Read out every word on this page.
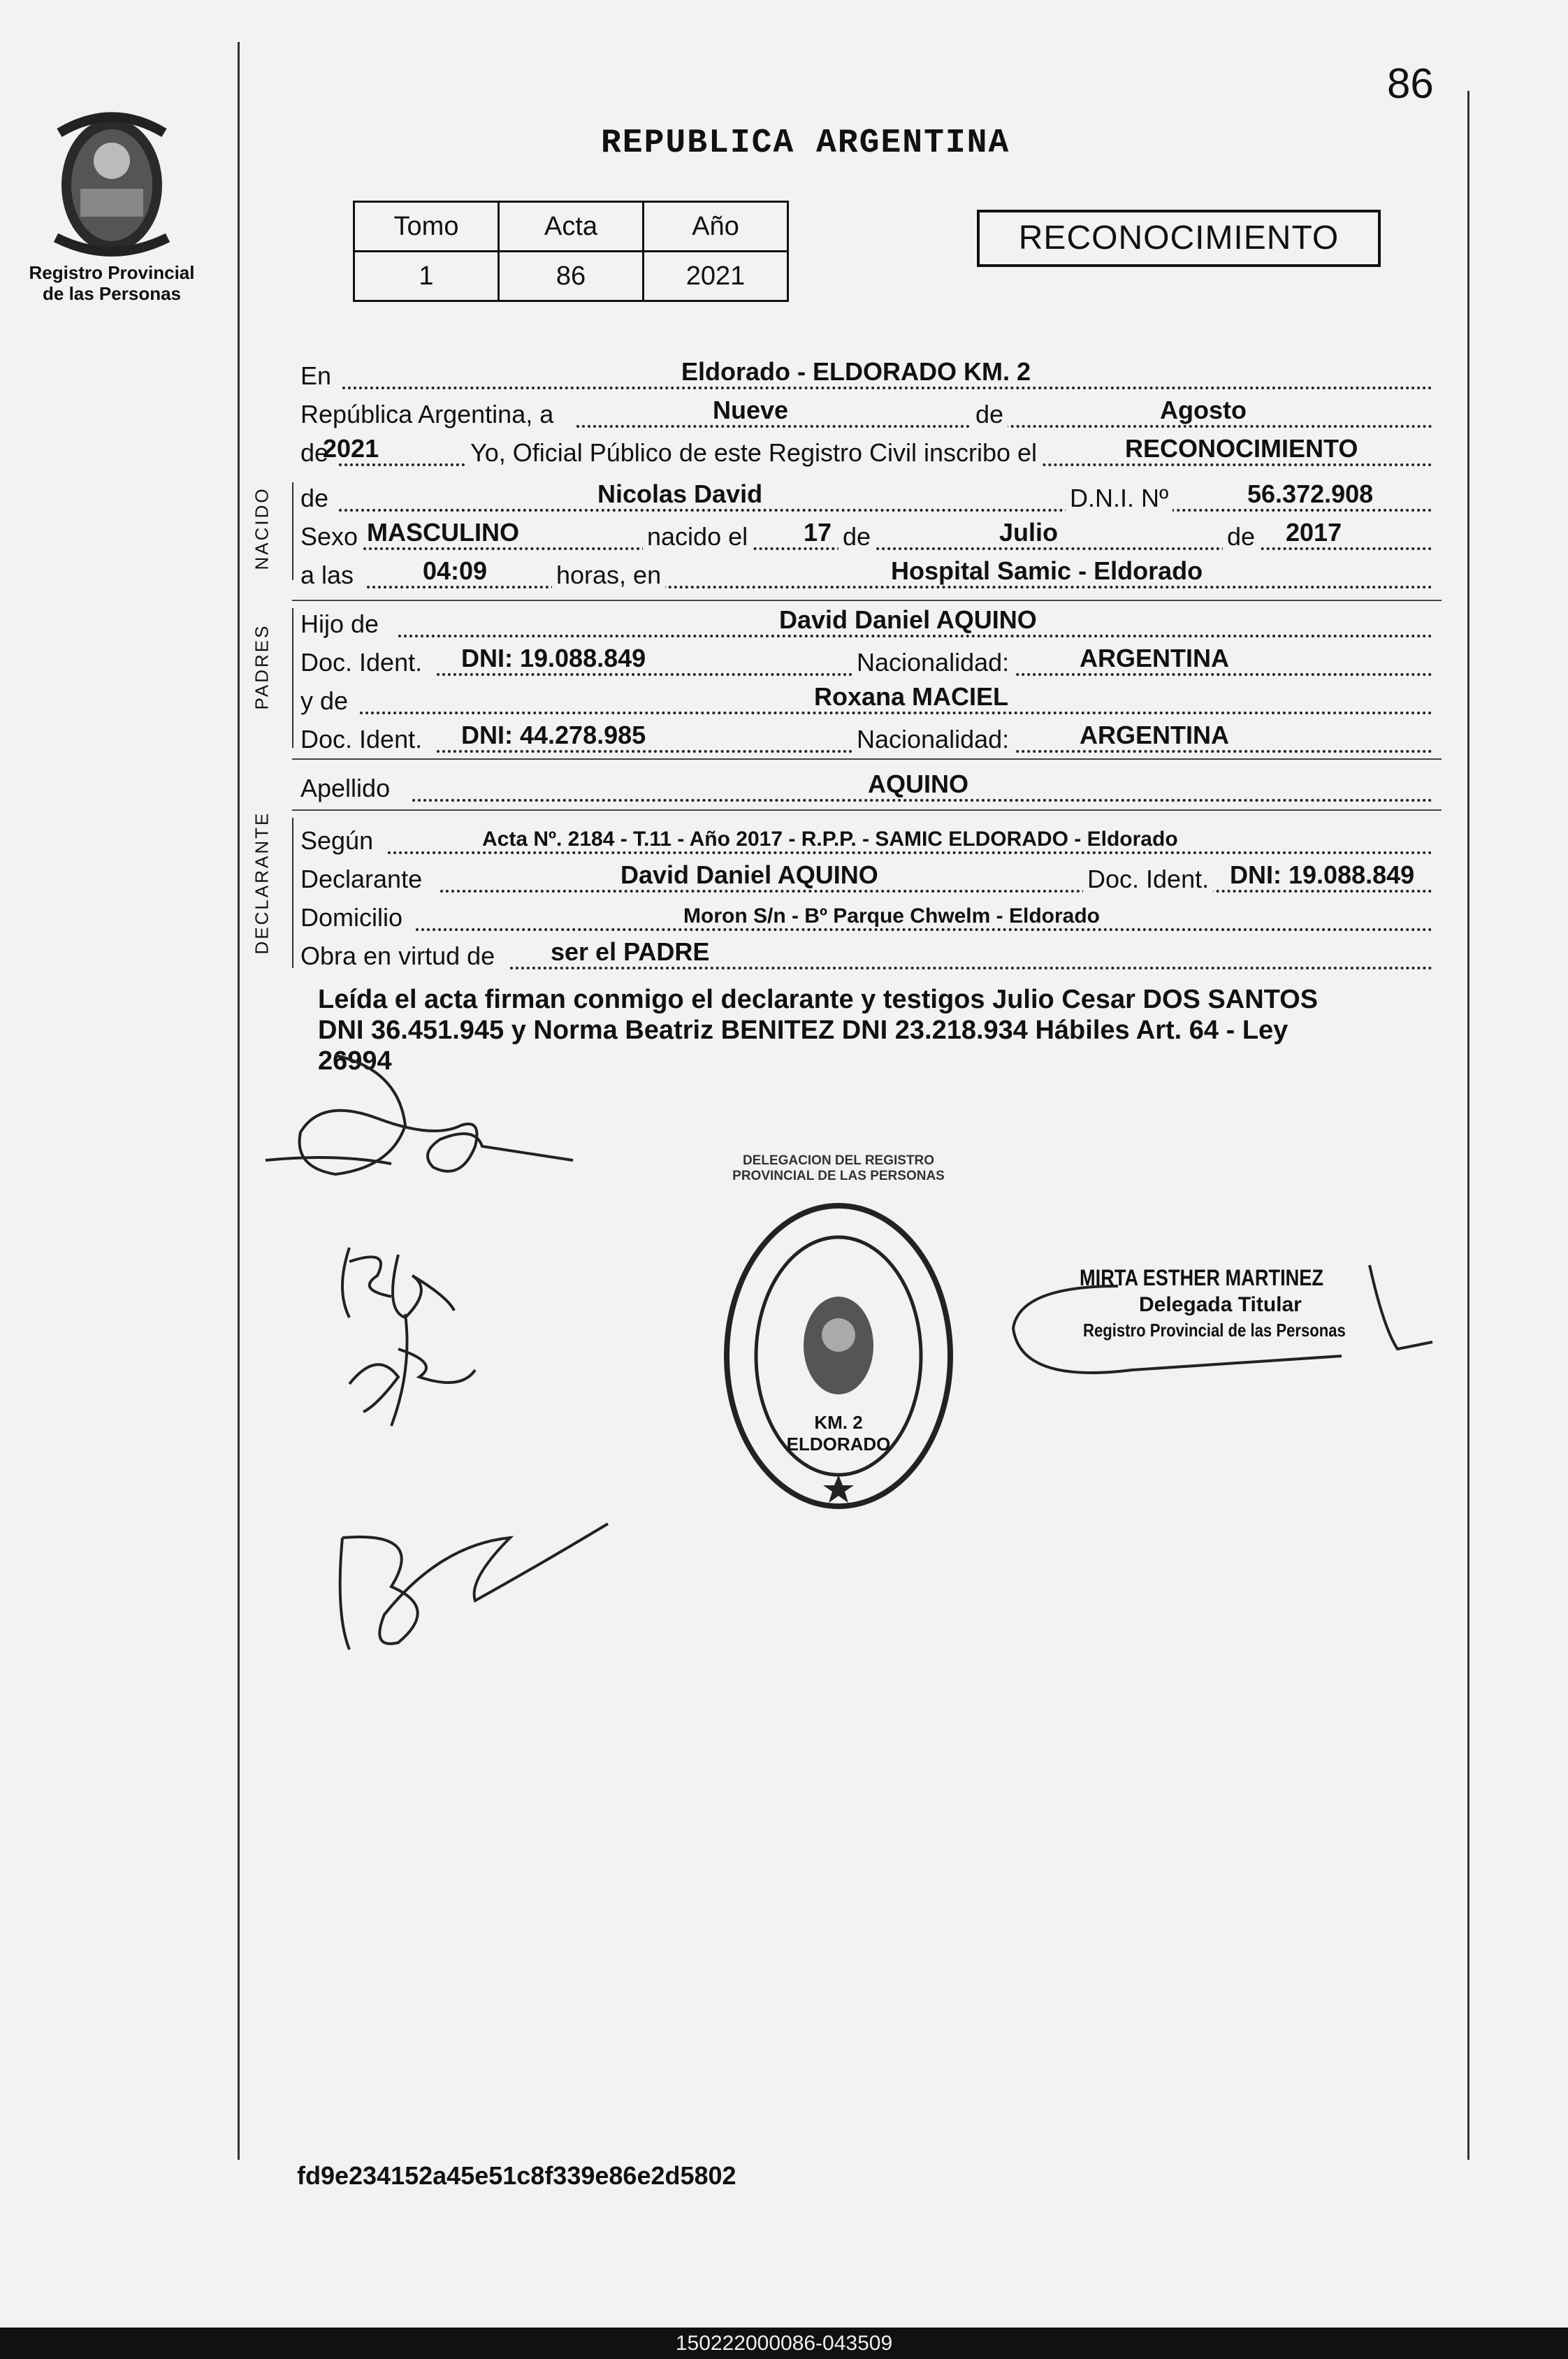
86
Registro Provincial
de las Personas
REPUBLICA ARGENTINA
Tomo	Acta	Año
1	86	2021
RECONOCIMIENTO
En	Eldorado - ELDORADO KM. 2
República Argentina, a	Nueve	de	Agosto
de
2021	Yo, Oficial Público de este Registro Civil inscribo el	RECONOCIMIENTO
NACIDO de	Nicolas David	D.N.I. Nº	56.372.908
Sexo MASCULINO	nacido el 17 de	Julio	de 2017
a las	04:09	horas, en	Hospital Samic - Eldorado
PADRES Hijo de	David Daniel AQUINO
Doc. Ident. DNI: 19.088.849	Nacionalidad:	ARGENTINA
y de	Roxana MACIEL
Doc. Ident. DNI: 44.278.985	Nacionalidad:	ARGENTINA
Apellido	AQUINO
DECLARANTE Según	Acta Nº. 2184 - T.11 - Año 2017 - R.P.P. - SAMIC ELDORADO - Eldorado
Declarante	David Daniel AQUINO	Doc. Ident. DNI: 19.088.849
Domicilio	Moron S/n - Bº Parque Chwelm - Eldorado
Obra en virtud de ser el PADRE
Leída el acta firman conmigo el declarante y testigos Julio Cesar DOS SANTOS
DNI 36.451.945 y Norma Beatriz BENITEZ DNI 23.218.934 Hábiles Art. 64 - Ley
26994
DELEGACION DEL REGISTRO PROVINCIAL DE LAS PERSONAS
KM. 2 ELDORADO
MIRTA ESTHER MARTINEZ
Delegada Titular
Registro Provincial de las Personas
fd9e234152a45e51c8f339e86e2d5802
150222000086-043509
